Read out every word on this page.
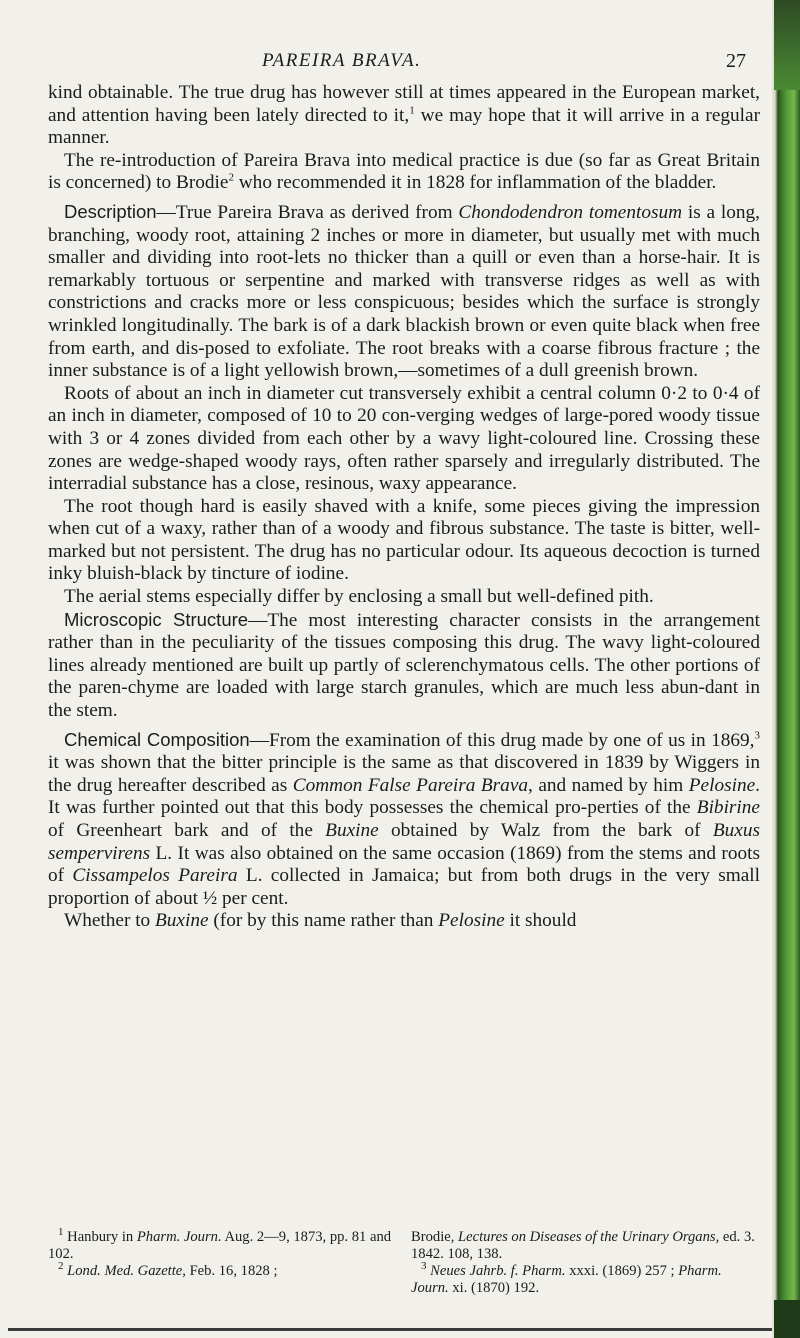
PAREIRA BRAVA.	27

kind obtainable. The true drug has however still at times appeared in the European market, and attention having been lately directed to it,$^1$ we may hope that it will arrive in a regular manner.

The re-introduction of Pareira Brava into medical practice is due (so far as Great Britain is concerned) to Brodie$^2$ who recommended it in 1828 for inflammation of the bladder.

Description—True Pareira Brava as derived from Chondodendron tomentosum is a long, branching, woody root, attaining 2 inches or more in diameter, but usually met with much smaller and dividing into root-lets no thicker than a quill or even than a horse-hair. It is remarkably tortuous or serpentine and marked with transverse ridges as well as with constrictions and cracks more or less conspicuous; besides which the surface is strongly wrinkled longitudinally. The bark is of a dark blackish brown or even quite black when free from earth, and dis-posed to exfoliate. The root breaks with a coarse fibrous fracture ; the inner substance is of a light yellowish brown,—sometimes of a dull greenish brown.

Roots of about an inch in diameter cut transversely exhibit a central column 0·2 to 0·4 of an inch in diameter, composed of 10 to 20 con-verging wedges of large-pored woody tissue with 3 or 4 zones divided from each other by a wavy light-coloured line. Crossing these zones are wedge-shaped woody rays, often rather sparsely and irregularly distributed. The interradial substance has a close, resinous, waxy appearance.

The root though hard is easily shaved with a knife, some pieces giving the impression when cut of a waxy, rather than of a woody and fibrous substance. The taste is bitter, well-marked but not persistent. The drug has no particular odour. Its aqueous decoction is turned inky bluish-black by tincture of iodine.

The aerial stems especially differ by enclosing a small but well-defined pith.

Microscopic Structure—The most interesting character consists in the arrangement rather than in the peculiarity of the tissues composing this drug. The wavy light-coloured lines already mentioned are built up partly of sclerenchymatous cells. The other portions of the paren-chyme are loaded with large starch granules, which are much less abun-dant in the stem.

Chemical Composition—From the examination of this drug made by one of us in 1869,$^3$ it was shown that the bitter principle is the same as that discovered in 1839 by Wiggers in the drug hereafter described as Common False Pareira Brava, and named by him Pelosine. It was further pointed out that this body possesses the chemical pro-perties of the Bibirine of Greenheart bark and of the Buxine obtained by Walz from the bark of Buxus sempervirens L. It was also obtained on the same occasion (1869) from the stems and roots of Cissampelos Pareira L. collected in Jamaica; but from both drugs in the very small proportion of about ½ per cent.

Whether to Buxine (for by this name rather than Pelosine it should

$^1$ Hanbury in Pharm. Journ. Aug. 2—9, 1873, pp. 81 and 102.

$^2$ Lond. Med. Gazette, Feb. 16, 1828 ;

Brodie, Lectures on Diseases of the Urinary Organs, ed. 3. 1842. 108, 138.

$^3$ Neues Jahrb. f. Pharm. xxxi. (1869) 257 ; Pharm. Journ. xi. (1870) 192.
